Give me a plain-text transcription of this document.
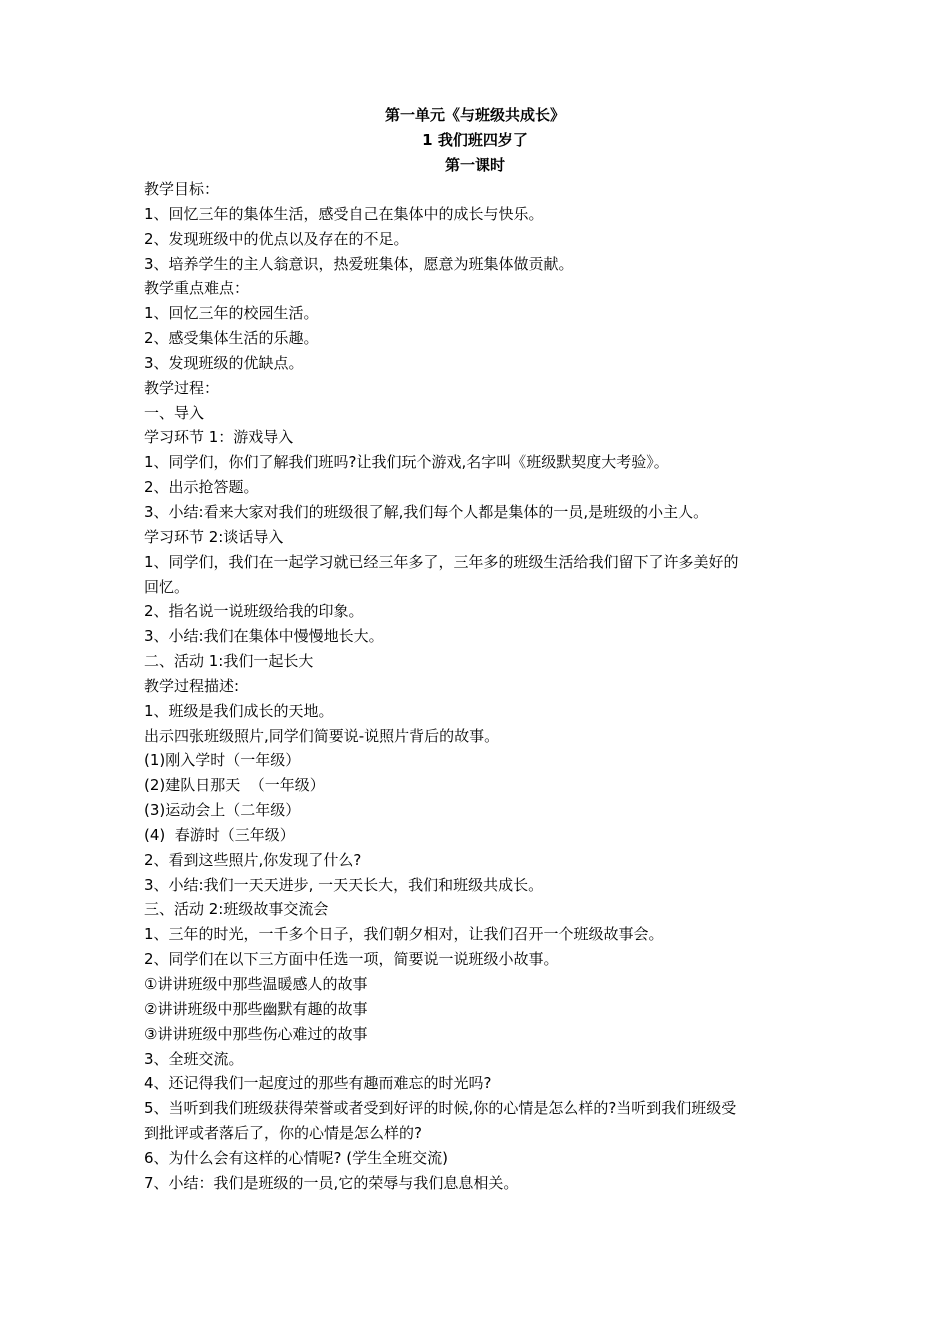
第一单元《与班级共成长》
1 我们班四岁了
第一课时
教学目标：
1、回忆三年的集体生活，感受自己在集体中的成长与快乐。
2、发现班级中的优点以及存在的不足。
3、培养学生的主人翁意识，热爱班集体，愿意为班集体做贡献。
教学重点难点：
1、回忆三年的校园生活。
2、感受集体生活的乐趣。
3、发现班级的优缺点。
教学过程：
一、导入
学习环节 1：游戏导入
1、同学们，你们了解我们班吗?让我们玩个游戏,名字叫《班级默契度大考验》。
2、出示抢答题。
3、小结:看来大家对我们的班级很了解,我们每个人都是集体的一员,是班级的小主人。
学习环节 2:谈话导入
1、同学们，我们在一起学习就已经三年多了，三年多的班级生活给我们留下了许多美好的
回忆。
2、指名说一说班级给我的印象。
3、小结:我们在集体中慢慢地长大。
二、活动 1:我们一起长大
教学过程描述:
1、班级是我们成长的天地。
出示四张班级照片,同学们简要说-说照片背后的故事。
(1)刚入学时（一年级）
(2)建队日那天  （一年级）
(3)运动会上（二年级）
(4)  春游时（三年级）
2、看到这些照片,你发现了什么?
3、小结:我们一天天进步, 一天天长大，我们和班级共成长。
三、活动 2:班级故事交流会
1、三年的时光，一千多个日子，我们朝夕相对，让我们召开一个班级故事会。
2、同学们在以下三方面中任选一项，简要说一说班级小故事。
①讲讲班级中那些温暖感人的故事
②讲讲班级中那些幽默有趣的故事
③讲讲班级中那些伤心难过的故事
3、全班交流。
4、还记得我们一起度过的那些有趣而难忘的时光吗?
5、当听到我们班级获得荣誉或者受到好评的时候,你的心情是怎么样的?当听到我们班级受
到批评或者落后了，你的心情是怎么样的?
6、为什么会有这样的心情呢? (学生全班交流)
7、小结：我们是班级的一员,它的荣辱与我们息息相关。
